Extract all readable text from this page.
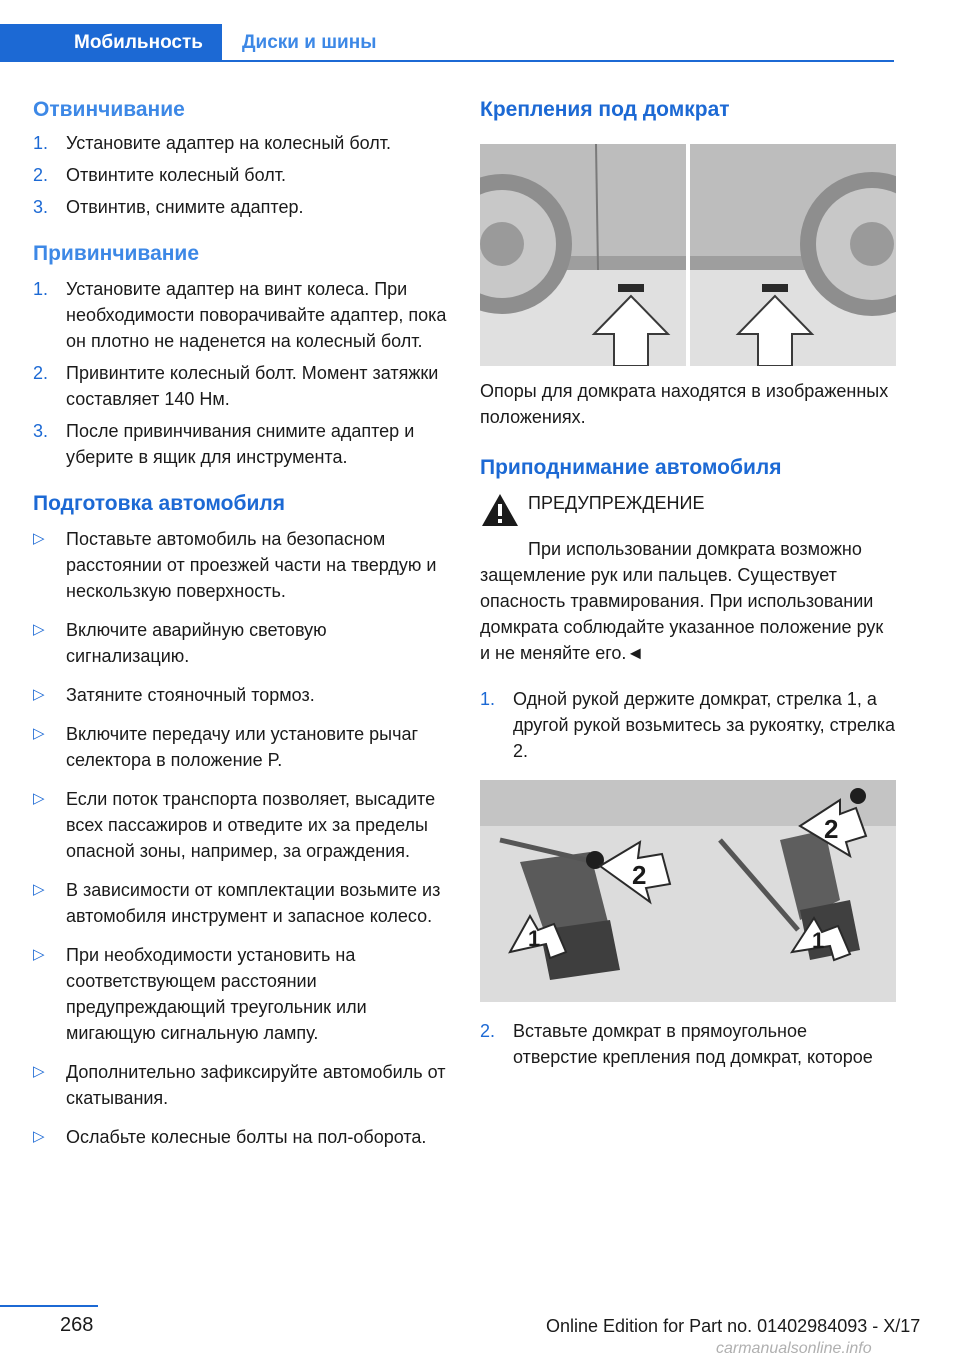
Мобильность	Диски и шины
Отвинчивание
1. Установите адаптер на колесный болт.
2. Отвинтите колесный болт.
3. Отвинтив, снимите адаптер.
Привинчивание
1. Установите адаптер на винт колеса. При необходимости поворачивайте адаптер, пока он плотно не наденется на колесный болт.
2. Привинтите колесный болт. Момент затяжки составляет 140 Нм.
3. После привинчивания снимите адаптер и уберите в ящик для инструмента.
Подготовка автомобиля
▷	Поставьте автомобиль на безопасном расстоянии от проезжей части на твердую и нескользкую поверхность.
▷	Включите аварийную световую сигнализацию.
▷	Затяните стояночный тормоз.
▷	Включите передачу или установите рычаг селектора в положение P.
▷	Если поток транспорта позволяет, высадите всех пассажиров и отведите их за пределы опасной зоны, например, за ограждения.
▷	В зависимости от комплектации возьмите из автомобиля инструмент и запасное колесо.
▷	При необходимости установить на соответствующем расстоянии предупреждающий треугольник или мигающую сигнальную лампу.
▷	Дополнительно зафиксируйте автомобиль от скатывания.
▷	Ослабьте колесные болты на пол-оборота.
Крепления под домкрат
Опоры для домкрата находятся в изображенных положениях.
Приподнимание автомобиля
ПРЕДУПРЕЖДЕНИЕ
При использовании домкрата возможно защемление рук или пальцев. Существует опасность травмирования. При использовании домкрата соблюдайте указанное положение рук и не меняйте его.◄
1. Одной рукой держите домкрат, стрелка 1, а другой рукой возьмитесь за рукоятку, стрелка 2.
1
2
2
1
2. Вставьте домкрат в прямоугольное отверстие крепления под домкрат, которое
268	Online Edition for Part no. 01402984093 - X/17
carmanualsonline.info
